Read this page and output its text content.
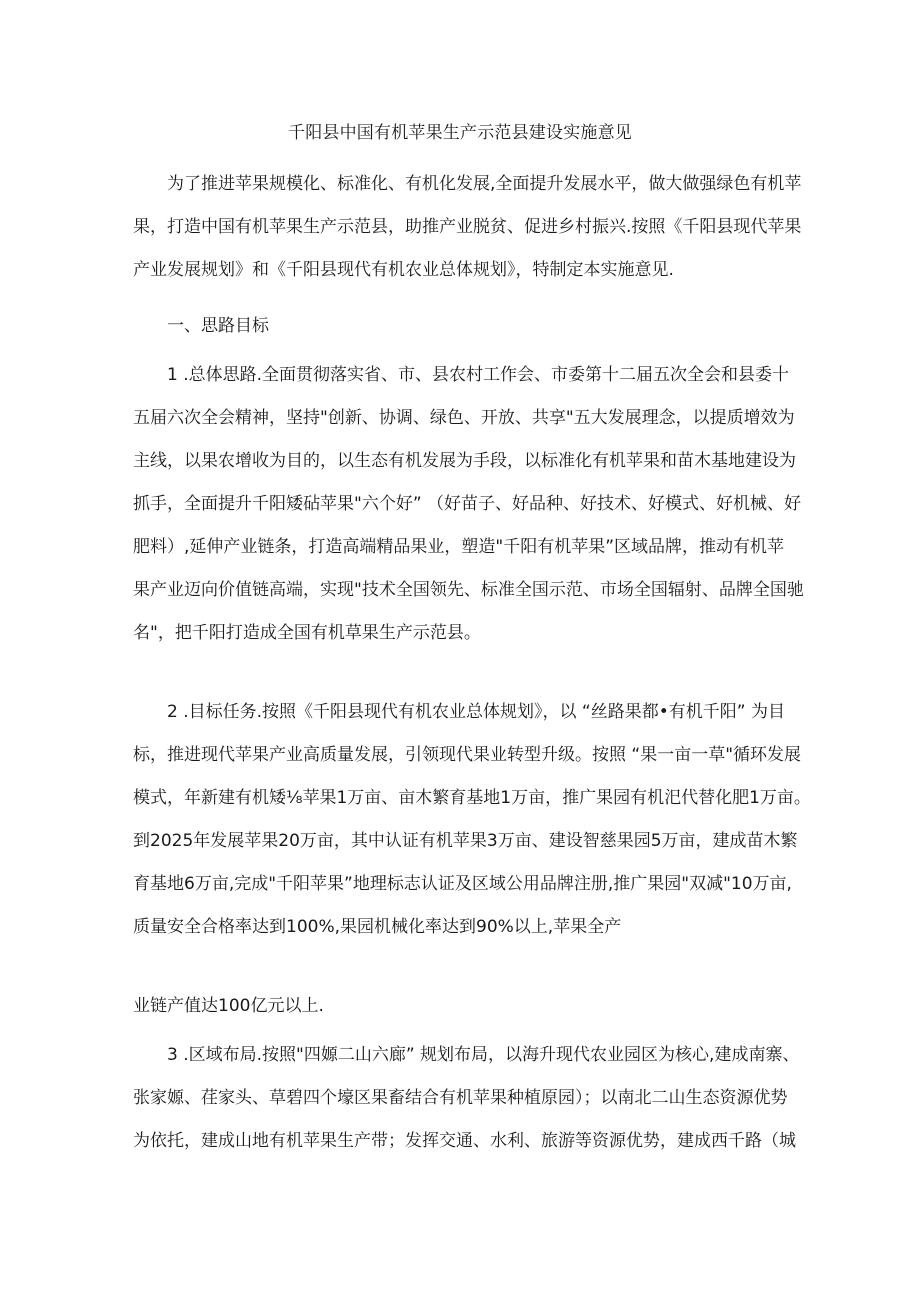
千阳县中国有机苹果生产示范县建设实施意见
为了推进苹果规模化、标准化、有机化发展,全面提升发展水平，做大做强绿色有机苹
果，打造中国有机苹果生产示范县，助推产业脱贫、促进乡村振兴.按照《千阳县现代苹果
产业发展规划》和《千阳县现代有机农业总体规划》，特制定本实施意见.
一、思路目标
1 .总体思路.全面贯彻落实省、市、县农村工作会、市委第十二届五次全会和县委十
五届六次全会精神，坚持"创新、协调、绿色、开放、共享"五大发展理念，以提质增效为
主线，以果农增收为目的，以生态有机发展为手段，以标准化有机苹果和苗木基地建设为
抓手，全面提升千阳矮砧苹果"六个好” （好苗子、好品种、好技术、好模式、好机械、好
肥料）,延伸产业链条，打造高端精品果业，塑造"千阳有机苹果”区域品牌，推动有机苹
果产业迈向价值链高端，实现"技术全国领先、标准全国示范、市场全国辐射、品牌全国驰
名"，把千阳打造成全国有机草果生产示范县。
2 .目标任务.按照《千阳县现代有机农业总体规划》，以 “丝路果都•有机千阳” 为目
标，推进现代苹果产业高质量发展，引领现代果业转型升级。按照 “果一亩一草"循环发展
模式，年新建有机矮⅛苹果1万亩、亩木繁育基地1万亩，推广果园有机汜代替化肥1万亩。
到2025年发展苹果20万亩，其中认证有机苹果3万亩、建设智慈果园5万亩，建成苗木繁
育基地6万亩,完成"千阳苹果”地理标志认证及区域公用品牌注册,推广果园"双减"10万亩,
质量安全合格率达到100%,果园机械化率达到90%以上,苹果全产
业链产值达100亿元以上.
3 .区域布局.按照"四嫄二山六廊” 规划布局，以海升现代农业园区为核心,建成南寨、
张家嫄、荏家头、草碧四个壕区果畜结合有机苹果种植原园）；以南北二山生态资源优势
为依托，建成山地有机苹果生产带；发挥交通、水利、旅游等资源优势，建成西千路（城
